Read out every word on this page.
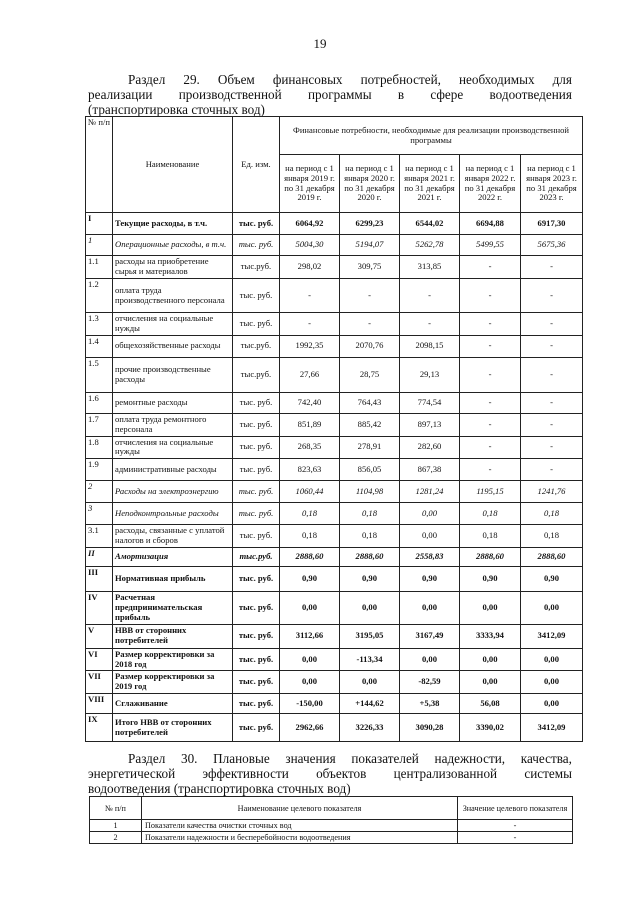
19
Раздел 29. Объем финансовых потребностей, необходимых для
реализации производственной программы в сфере водоотведения
(транспортировка сточных вод)
№ п/п	Наименование	Ед. изм.	Финансовые потребности, необходимые для реализации производственной программы				
			на период с 1 января 2019 г. по 31 декабря 2019 г.	на период с 1 января 2020 г. по 31 декабря 2020 г.	на период с 1 января 2021 г. по 31 декабря 2021 г.	на период с 1 января 2022 г. по 31 декабря 2022 г.	на период с 1 января 2023 г. по 31 декабря 2023 г.
I	Текущие расходы, в т.ч.	тыс. руб.	6064,92	6299,23	6544,02	6694,88	6917,30
1	Операционные расходы, в т.ч.	тыс. руб.	5004,30	5194,07	5262,78	5499,55	5675,36
1.1	расходы на приобретение сырья и материалов	тыс.руб.	298,02	309,75	313,85	-	-
1.2	оплата труда производственного персонала	тыс. руб.	-	-	-	-	-
1.3	отчисления на социальные нужды	тыс. руб.	-	-	-	-	-
1.4	общехозяйственные расходы	тыс.руб.	1992,35	2070,76	2098,15	-	-
1.5	прочие производственные расходы	тыс.руб.	27,66	28,75	29,13	-	-
1.6	ремонтные расходы	тыс. руб.	742,40	764,43	774,54	-	-
1.7	оплата труда ремонтного персонала	тыс. руб.	851,89	885,42	897,13	-	-
1.8	отчисления на социальные нужды	тыс. руб.	268,35	278,91	282,60	-	-
1.9	административные расходы	тыс. руб.	823,63	856,05	867,38	-	-
2	Расходы на электроэнергию	тыс. руб.	1060,44	1104,98	1281,24	1195,15	1241,76
3	Неподконтрольные расходы	тыс. руб.	0,18	0,18	0,00	0,18	0,18
3.1	расходы, связанные с уплатой налогов и сборов	тыс. руб.	0,18	0,18	0,00	0,18	0,18
II	Амортизация	тыс.руб.	2888,60	2888,60	2558,83	2888,60	2888,60
III	Нормативная прибыль	тыс. руб.	0,90	0,90	0,90	0,90	0,90
IV	Расчетная предпринимательская прибыль	тыс. руб.	0,00	0,00	0,00	0,00	0,00
V	НВВ от сторонних потребителей	тыс. руб.	3112,66	3195,05	3167,49	3333,94	3412,09
VI	Размер корректировки за 2018 год	тыс. руб.	0,00	-113,34	0,00	0,00	0,00
VII	Размер корректировки за 2019 год	тыс. руб.	0,00	0,00	-82,59	0,00	0,00
VIII	Сглаживание	тыс. руб.	-150,00	+144,62	+5,38	56,08	0,00
IX	Итого НВВ от сторонних потребителей	тыс. руб.	2962,66	3226,33	3090,28	3390,02	3412,09
Раздел 30. Плановые значения показателей надежности, качества,
энергетической эффективности объектов централизованной системы
водоотведения (транспортировка сточных вод)
№ п/п	Наименование целевого показателя	Значение целевого показателя
1	Показатели качества очистки сточных вод	-
2	Показатели надежности и бесперебойности водоотведения	-
